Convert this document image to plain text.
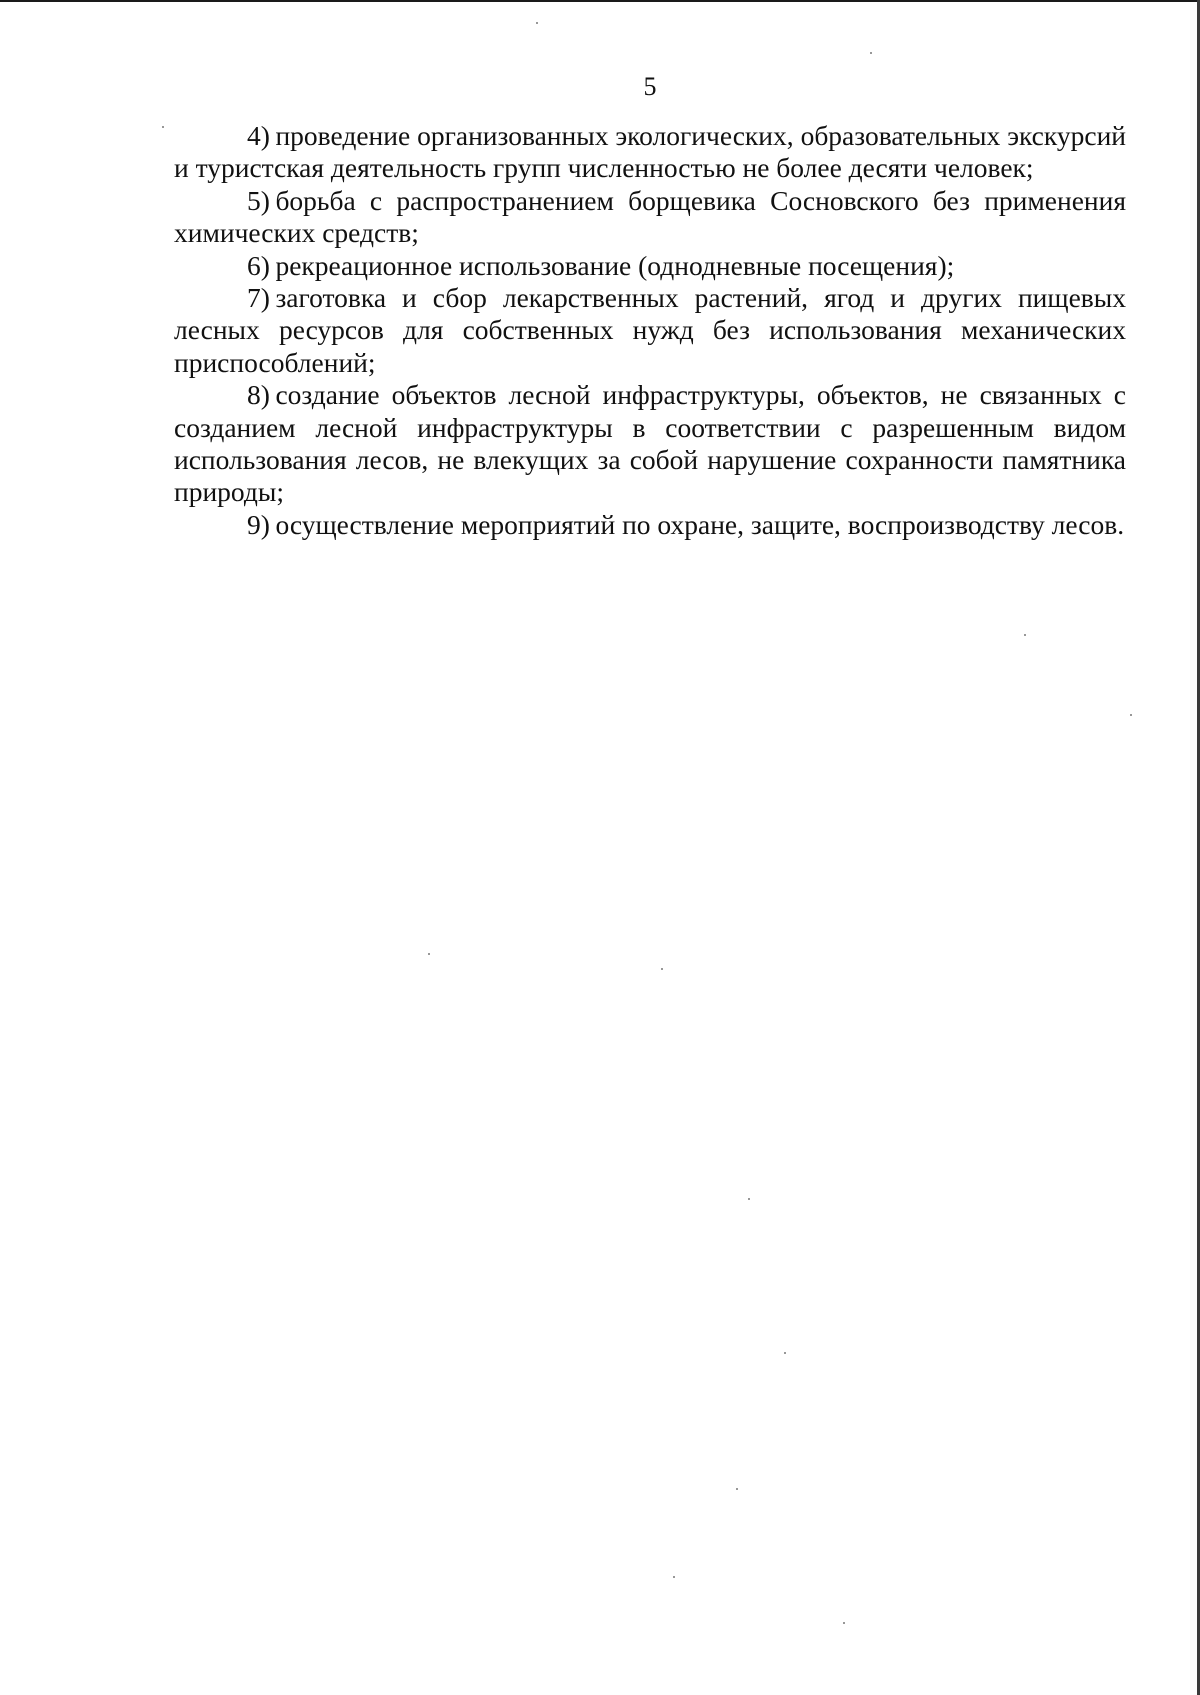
5

4)  проведение организованных экологических, образовательных экскурсий и туристская деятельность групп численностью не более десяти человек;

5)  борьба с распространением борщевика Сосновского без применения химических средств;

6)  рекреационное использование (однодневные посещения);

7)  заготовка и сбор лекарственных растений, ягод и других пищевых лесных ресурсов для собственных нужд без использования механических приспособлений;

8)  создание объектов лесной инфраструктуры, объектов, не связанных с созданием лесной инфраструктуры в соответствии с разрешенным видом использования лесов, не влекущих за собой нарушение сохранности памятника природы;

9)  осуществление мероприятий по охране, защите, воспроизводству лесов.
